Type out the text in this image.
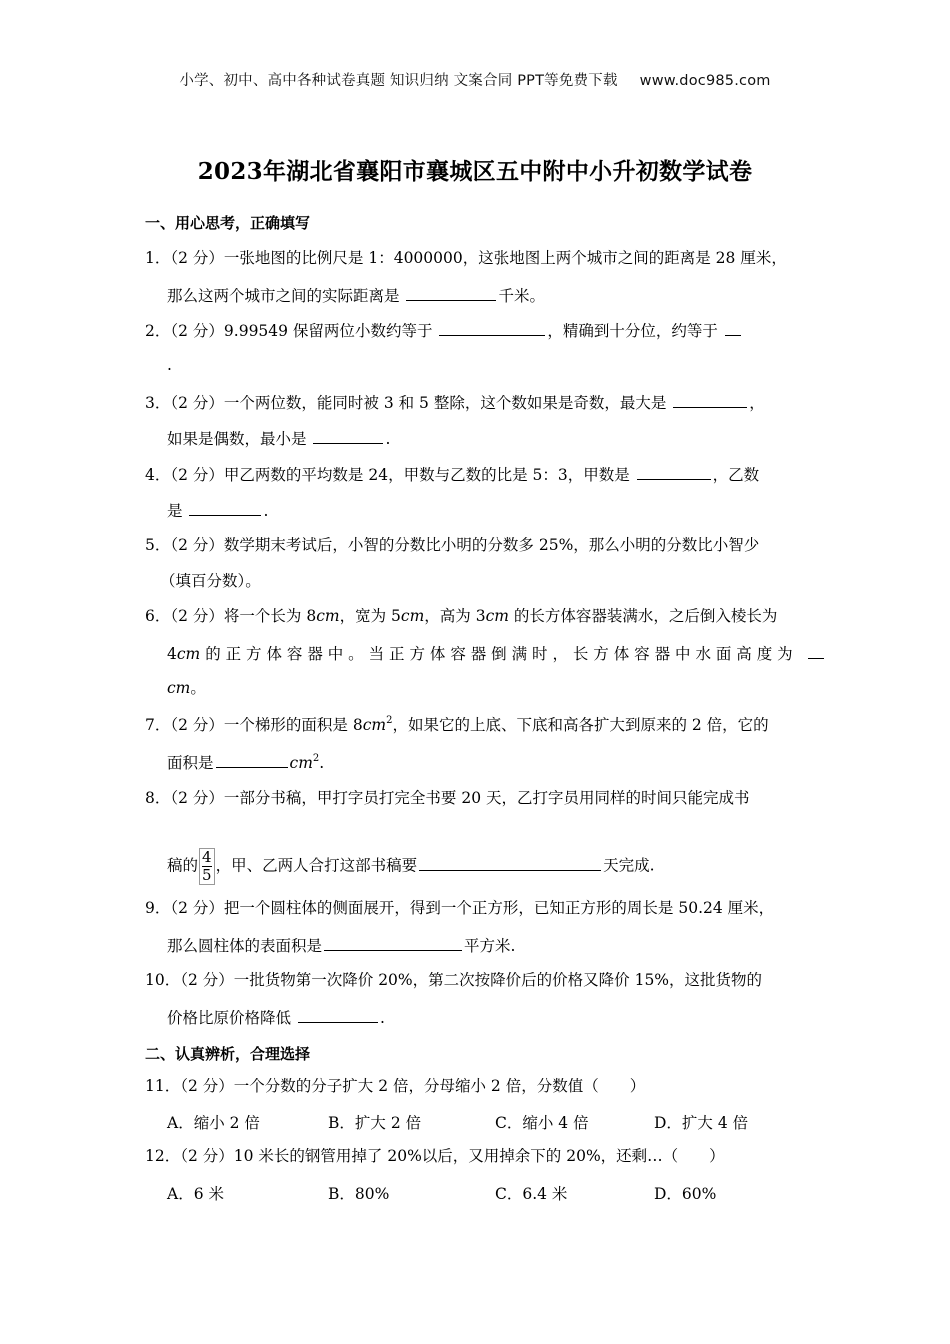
小学、初中、高中各种试卷真题 知识归纳 文案合同 PPT等免费下载 www.doc985.com
2023年湖北省襄阳市襄城区五中附中小升初数学试卷
一、用心思考，正确填写
1．（2 分）一张地图的比例尺是 1：4000000，这张地图上两个城市之间的距离是 28 厘米，
那么这两个城市之间的实际距离是	千米。
2．（2 分）9.99549 保留两位小数约等于	，精确到十分位，约等于
.
3．（2 分）一个两位数，能同时被 3 和 5 整除，这个数如果是奇数，最大是	，
如果是偶数，最小是	.
4．（2 分）甲乙两数的平均数是 24，甲数与乙数的比是 5：3，甲数是	，乙数
是	.
5．（2 分）数学期末考试后，小智的分数比小明的分数多 25%，那么小明的分数比小智少
（填百分数）。
6．（2 分）将一个长为 8cm，宽为 5cm，高为 3cm 的长方体容器装满水，之后倒入棱长为
4cm 的 正 方 体 容 器 中 。 当 正 方 体 容 器 倒 满 时 ， 长 方 体 容 器 中 水 面 高 度 为
cm。
7．（2 分）一个梯形的面积是 $8cm^2$，如果它的上底、下底和高各扩大到原来的 2 倍，它的
面积是	$cm^2$.
8．（2 分）一部分书稿，甲打字员打完全书要 20 天，乙打字员用同样的时间只能完成书
稿的$\frac{4}{5}$ ，甲、乙两人合打这部书稿要	天完成.
9．（2 分）把一个圆柱体的侧面展开，得到一个正方形，已知正方形的周长是 50.24 厘米，
那么圆柱体的表面积是	平方米.
10．（2 分）一批货物第一次降价 20%，第二次按降价后的价格又降价 15%，这批货物的
价格比原价格降低	.
二、认真辨析，合理选择
11．（2 分）一个分数的分子扩大 2 倍，分母缩小 2 倍，分数值（　　）
A．缩小 2 倍	B．扩大 2 倍	C．缩小 4 倍	D．扩大 4 倍
12．（2 分）10 米长的钢管用掉了 20%以后，又用掉余下的 20%，还剩…（　　）
A．6 米	B．80%	C．6.4 米	D．60%
